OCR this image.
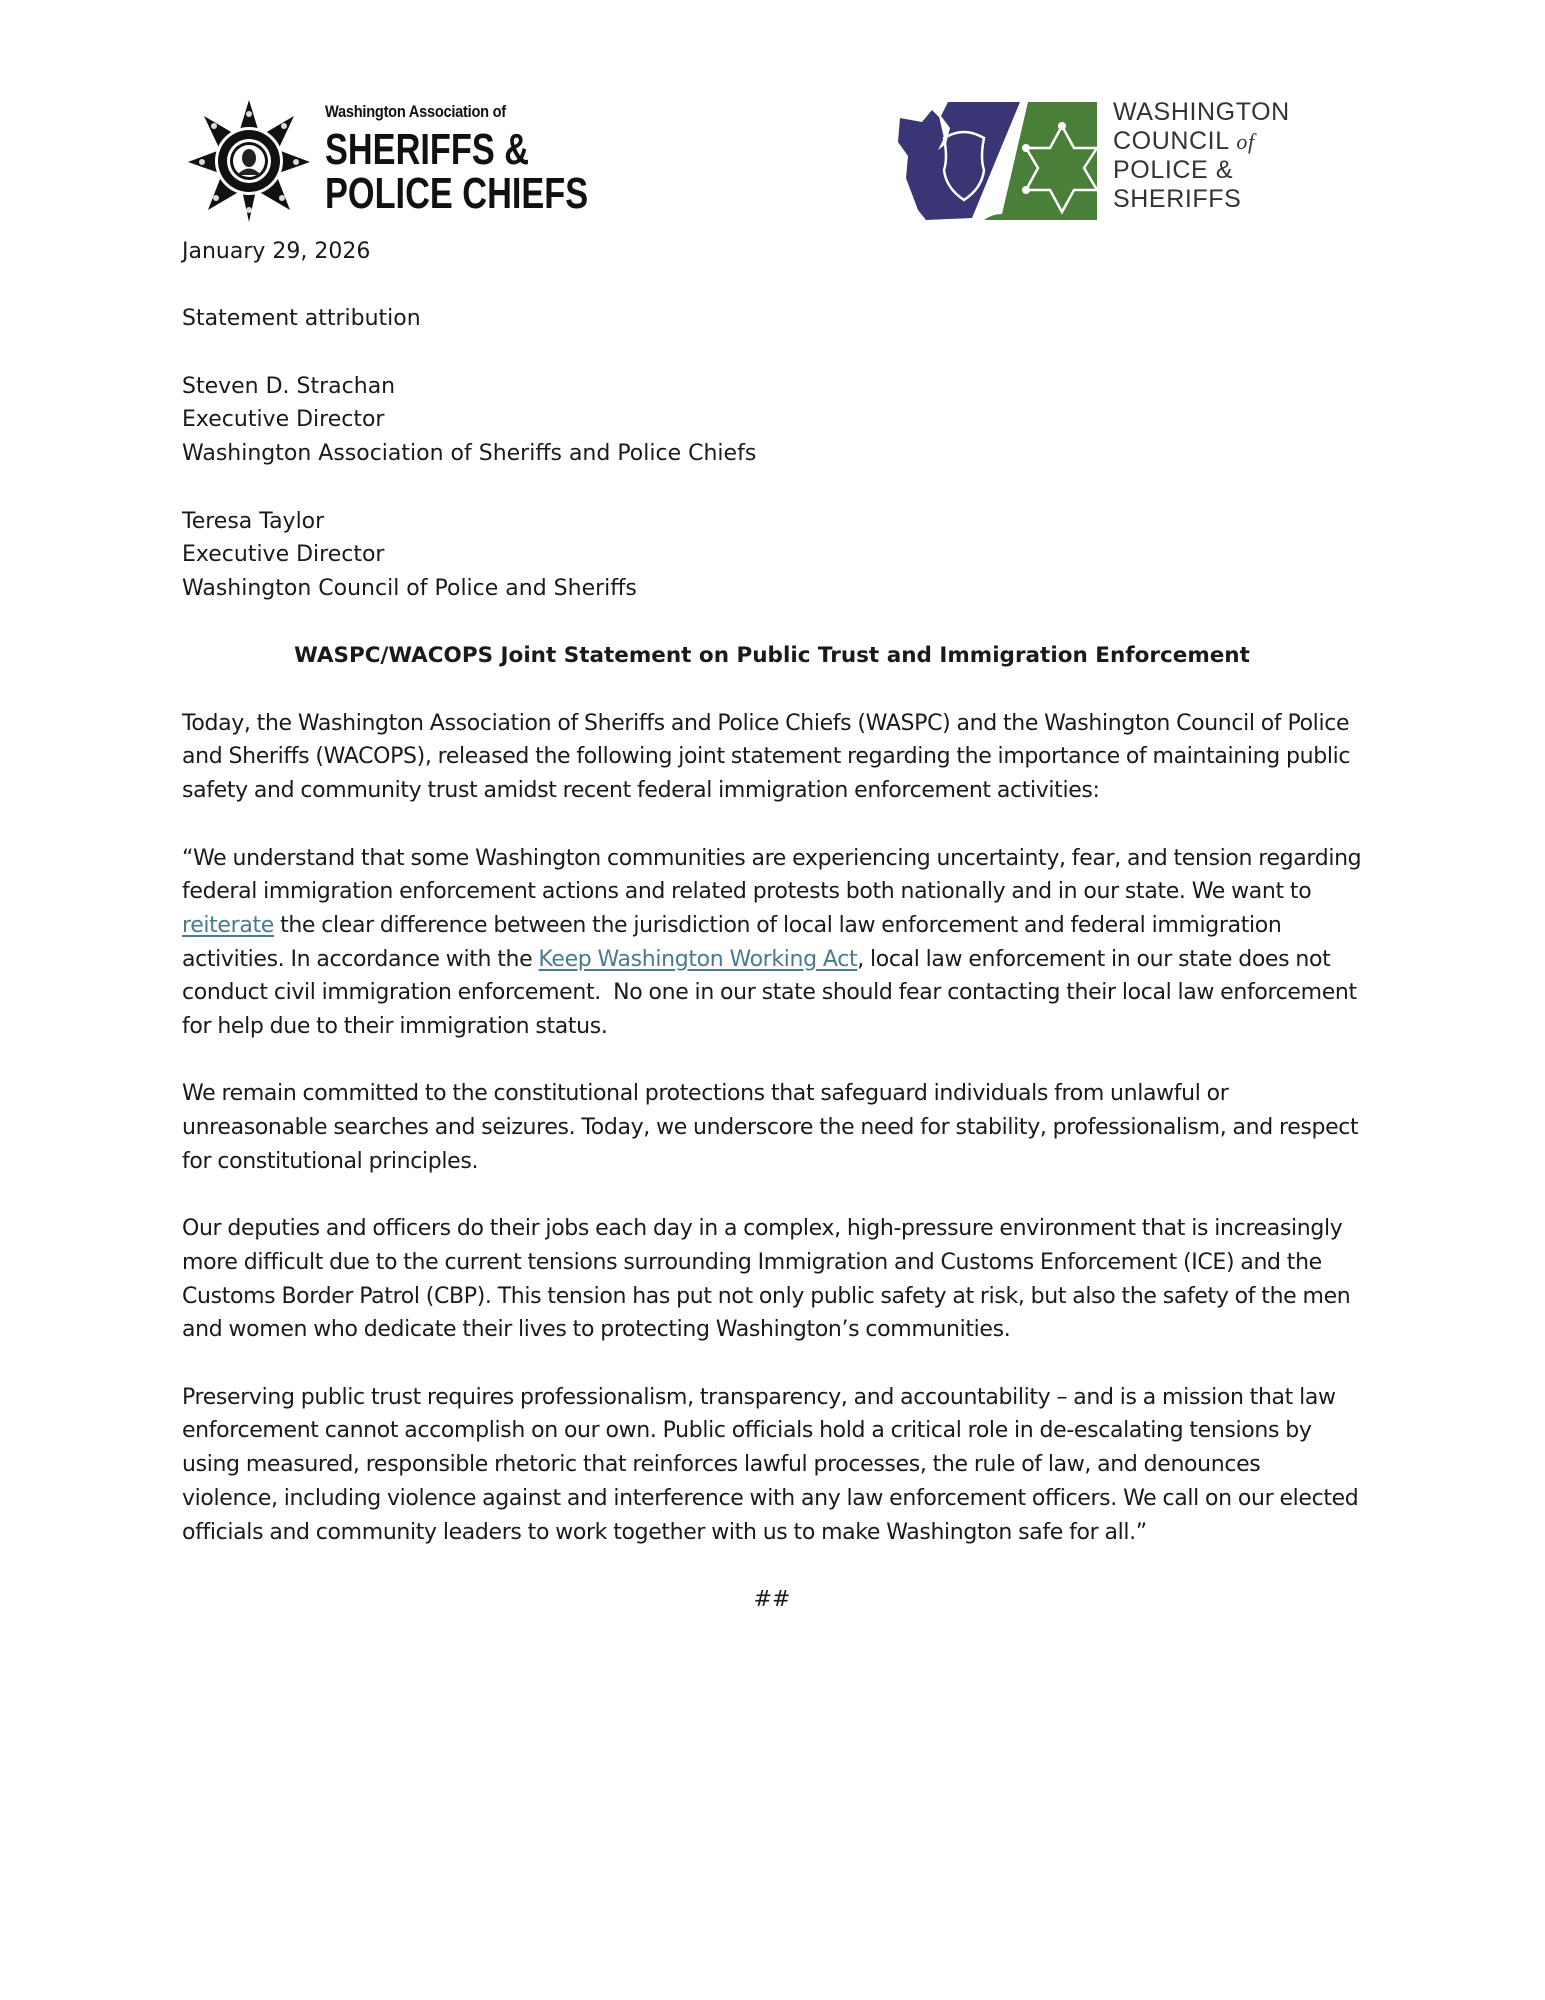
Washington Association of
SHERIFFS &
POLICE CHIEFS
WASHINGTON
COUNCIL of
POLICE &
SHERIFFS

January 29, 2026

Statement attribution

Steven D. Strachan

Executive Director

Washington Association of Sheriffs and Police Chiefs

Teresa Taylor

Executive Director

Washington Council of Police and Sheriffs

WASPC/WACOPS Joint Statement on Public Trust and Immigration Enforcement

Today, the Washington Association of Sheriffs and Police Chiefs (WASPC) and the Washington Council of Police and Sheriffs (WACOPS), released the following joint statement regarding the importance of maintaining public safety and community trust amidst recent federal immigration enforcement activities:

“We understand that some Washington communities are experiencing uncertainty, fear, and tension regarding federal immigration enforcement actions and related protests both nationally and in our state. We want to reiterate the clear difference between the jurisdiction of local law enforcement and federal immigration activities. In accordance with the Keep Washington Working Act, local law enforcement in our state does not conduct civil immigration enforcement.  No one in our state should fear contacting their local law enforcement for help due to their immigration status.

We remain committed to the constitutional protections that safeguard individuals from unlawful or unreasonable searches and seizures. Today, we underscore the need for stability, professionalism, and respect for constitutional principles.

Our deputies and officers do their jobs each day in a complex, high-pressure environment that is increasingly more difficult due to the current tensions surrounding Immigration and Customs Enforcement (ICE) and the Customs Border Patrol (CBP). This tension has put not only public safety at risk, but also the safety of the men and women who dedicate their lives to protecting Washington’s communities.

Preserving public trust requires professionalism, transparency, and accountability – and is a mission that law enforcement cannot accomplish on our own. Public officials hold a critical role in de-escalating tensions by using measured, responsible rhetoric that reinforces lawful processes, the rule of law, and denounces violence, including violence against and interference with any law enforcement officers. We call on our elected officials and community leaders to work together with us to make Washington safe for all.”

##
